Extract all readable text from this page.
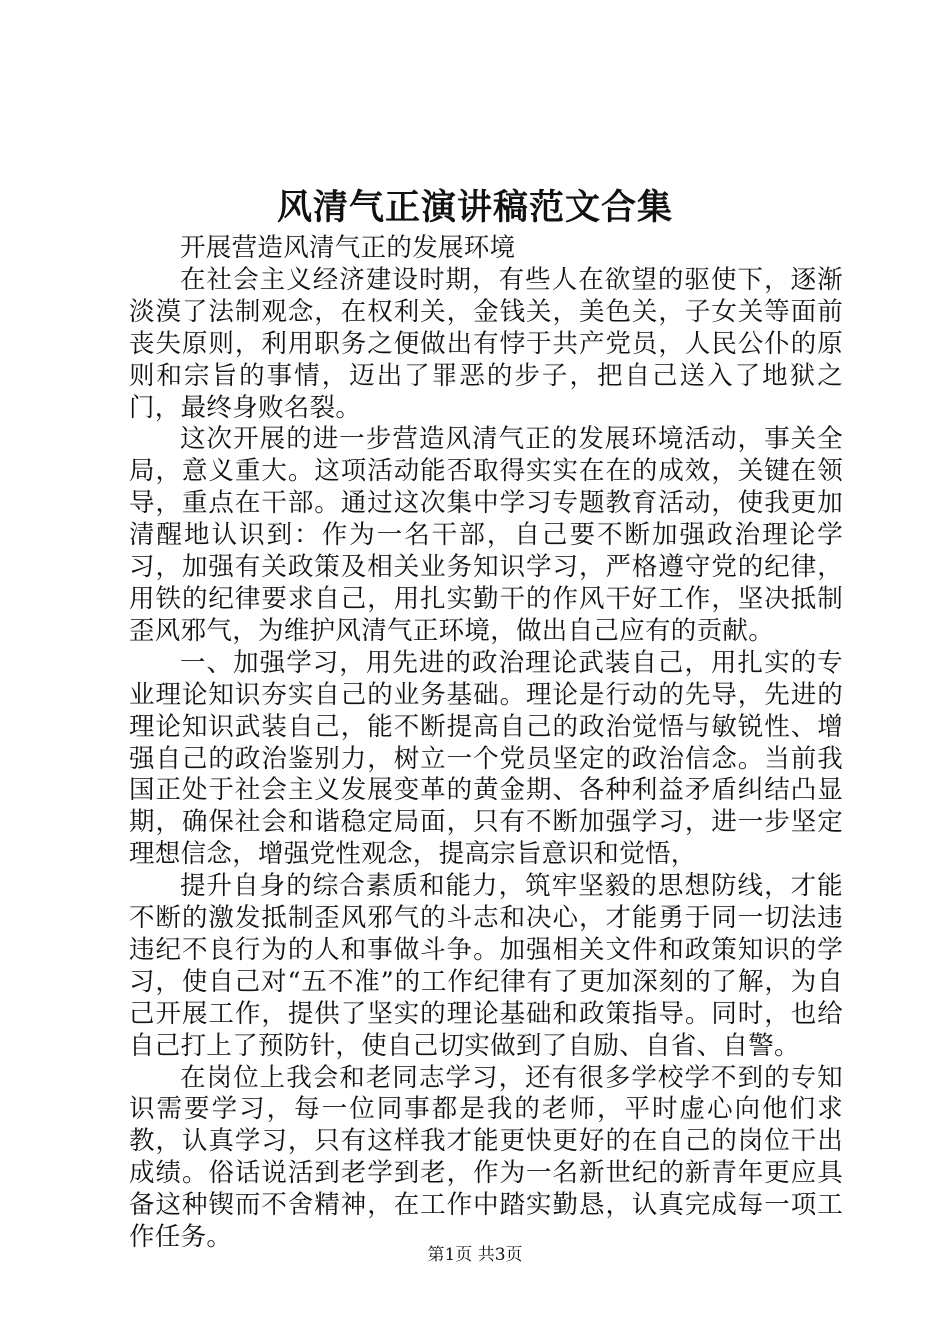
风清气正演讲稿范文合集

开展营造风清气正的发展环境

在社会主义经济建设时期，有些人在欲望的驱使下，逐渐淡漠了法制观念，在权利关，金钱关，美色关，子女关等面前丧失原则，利用职务之便做出有悖于共产党员，人民公仆的原则和宗旨的事情，迈出了罪恶的步子，把自己送入了地狱之门，最终身败名裂。

这次开展的进一步营造风清气正的发展环境活动，事关全局，意义重大。这项活动能否取得实实在在的成效，关键在领导，重点在干部。通过这次集中学习专题教育活动，使我更加清醒地认识到：作为一名干部，自己要不断加强政治理论学习，加强有关政策及相关业务知识学习，严格遵守党的纪律，用铁的纪律要求自己，用扎实勤干的作风干好工作，坚决抵制歪风邪气，为维护风清气正环境，做出自己应有的贡献。

一、加强学习，用先进的政治理论武装自己，用扎实的专业理论知识夯实自己的业务基础。理论是行动的先导，先进的理论知识武装自己，能不断提高自己的政治觉悟与敏锐性、增强自己的政治鉴别力，树立一个党员坚定的政治信念。当前我国正处于社会主义发展变革的黄金期、各种利益矛盾纠结凸显期，确保社会和谐稳定局面，只有不断加强学习，进一步坚定理想信念，增强党性观念，提高宗旨意识和觉悟，

提升自身的综合素质和能力，筑牢坚毅的思想防线，才能不断的激发抵制歪风邪气的斗志和决心，才能勇于同一切法违违纪不良行为的人和事做斗争。加强相关文件和政策知识的学习，使自己对“五不准”的工作纪律有了更加深刻的了解，为自己开展工作，提供了坚实的理论基础和政策指导。同时，也给自己打上了预防针，使自己切实做到了自励、自省、自警。

在岗位上我会和老同志学习，还有很多学校学不到的专知识需要学习，每一位同事都是我的老师，平时虚心向他们求教，认真学习，只有这样我才能更快更好的在自己的岗位干出成绩。俗话说活到老学到老，作为一名新世纪的新青年更应具备这种锲而不舍精神，在工作中踏实勤恳，认真完成每一项工作任务。

第1页 共3页
